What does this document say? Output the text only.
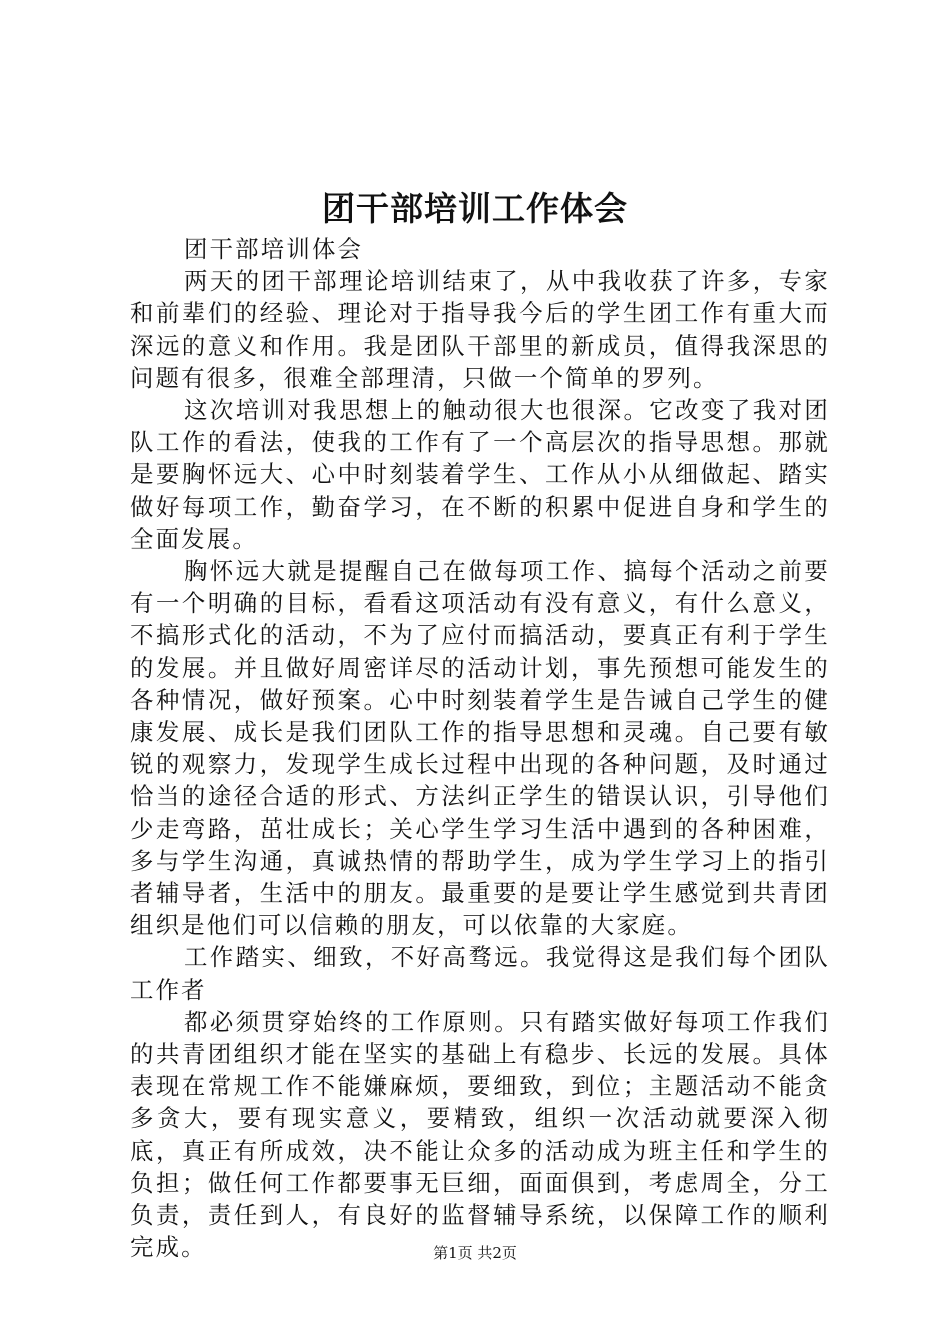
团干部培训工作体会

团干部培训体会

两天的团干部理论培训结束了，从中我收获了许多，专家和前辈们的经验、理论对于指导我今后的学生团工作有重大而深远的意义和作用。我是团队干部里的新成员，值得我深思的问题有很多，很难全部理清，只做一个简单的罗列。

这次培训对我思想上的触动很大也很深。它改变了我对团队工作的看法，使我的工作有了一个高层次的指导思想。那就是要胸怀远大、心中时刻装着学生、工作从小从细做起、踏实做好每项工作，勤奋学习，在不断的积累中促进自身和学生的全面发展。

胸怀远大就是提醒自己在做每项工作、搞每个活动之前要有一个明确的目标，看看这项活动有没有意义，有什么意义，不搞形式化的活动，不为了应付而搞活动，要真正有利于学生的发展。并且做好周密详尽的活动计划，事先预想可能发生的各种情况，做好预案。心中时刻装着学生是告诫自己学生的健康发展、成长是我们团队工作的指导思想和灵魂。自己要有敏锐的观察力，发现学生成长过程中出现的各种问题，及时通过恰当的途径合适的形式、方法纠正学生的错误认识，引导他们少走弯路，茁壮成长；关心学生学习生活中遇到的各种困难，多与学生沟通，真诚热情的帮助学生，成为学生学习上的指引者辅导者，生活中的朋友。最重要的是要让学生感觉到共青团组织是他们可以信赖的朋友，可以依靠的大家庭。

工作踏实、细致，不好高骛远。我觉得这是我们每个团队工作者

都必须贯穿始终的工作原则。只有踏实做好每项工作我们的共青团组织才能在坚实的基础上有稳步、长远的发展。具体表现在常规工作不能嫌麻烦，要细致，到位；主题活动不能贪多贪大，要有现实意义，要精致，组织一次活动就要深入彻底，真正有所成效，决不能让众多的活动成为班主任和学生的负担；做任何工作都要事无巨细，面面俱到，考虑周全，分工负责，责任到人，有良好的监督辅导系统，以保障工作的顺利完成。	第1页 共2页
